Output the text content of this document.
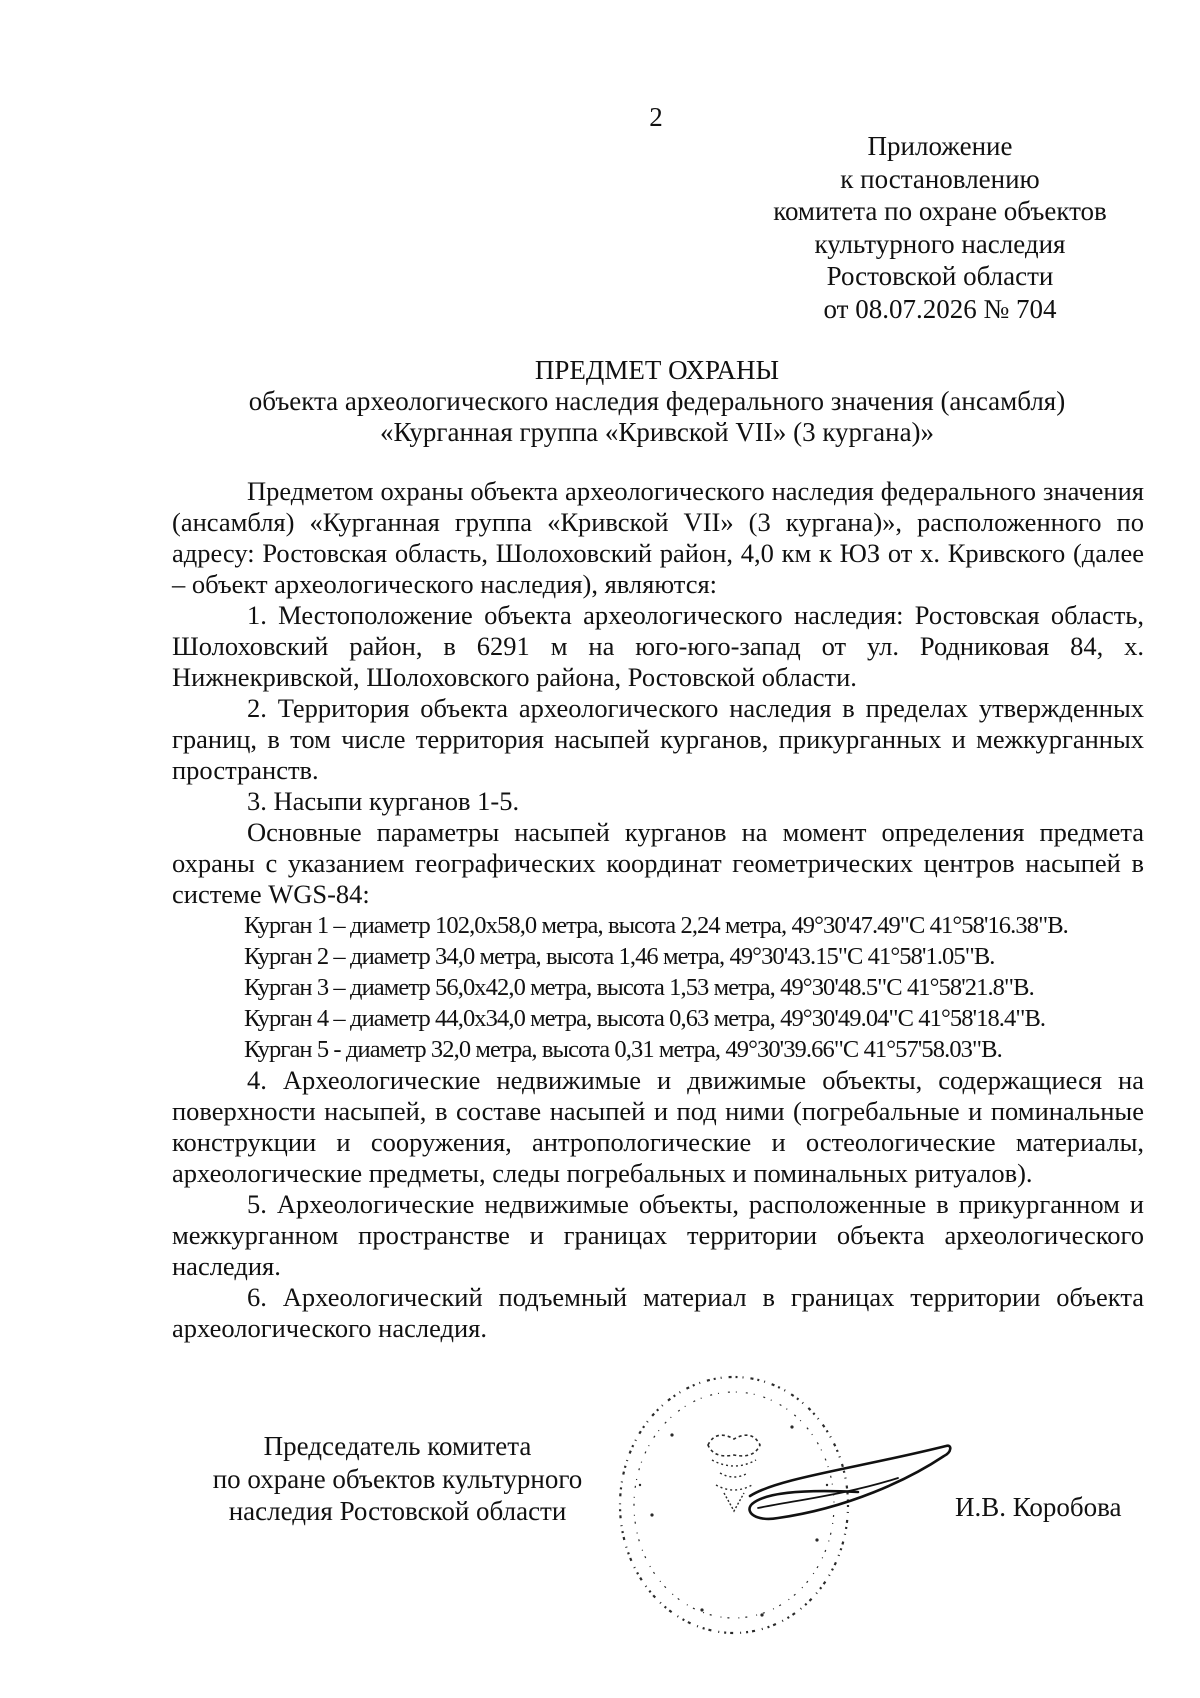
2
Приложение
к постановлению
комитета по охране объектов
культурного наследия
Ростовской области
от 08.07.2026 № 704
ПРЕДМЕТ ОХРАНЫ
объекта археологического наследия федерального значения (ансамбля)
«Курганная группа «Кривской VII» (3 кургана)»

Предметом охраны объекта археологического наследия федерального значения (ансамбля) «Курганная группа «Кривской VII» (3 кургана)», расположенного по адресу: Ростовская область, Шолоховский район, 4,0 км к ЮЗ от х. Кривского (далее – объект археологического наследия), являются:

1. Местоположение объекта археологического наследия: Ростовская область, Шолоховский район, в 6291 м на юго-юго-запад от ул. Родниковая 84, х. Нижнекривской, Шолоховского района, Ростовской области.

2. Территория объекта археологического наследия в пределах утвержденных границ, в том числе территория насыпей курганов, прикурганных и межкурганных пространств.

3. Насыпи курганов 1-5.

Основные параметры насыпей курганов на момент определения предмета охраны с указанием географических координат геометрических центров насыпей в системе WGS-84:

Курган 1 – диаметр 102,0х58,0 метра, высота 2,24 метра, 49°30'47.49"С 41°58'16.38"В.
Курган 2 – диаметр 34,0 метра, высота 1,46 метра, 49°30'43.15"С 41°58'1.05"В.
Курган 3 – диаметр 56,0х42,0 метра, высота 1,53 метра, 49°30'48.5"С 41°58'21.8"В.
Курган 4 – диаметр 44,0х34,0 метра, высота 0,63 метра, 49°30'49.04"С 41°58'18.4"В.
Курган 5 - диаметр 32,0 метра, высота 0,31 метра, 49°30'39.66"С 41°57'58.03"В.

4. Археологические недвижимые и движимые объекты, содержащиеся на поверхности насыпей, в составе насыпей и под ними (погребальные и поминальные конструкции и сооружения, антропологические и остеологические материалы, археологические предметы, следы погребальных и поминальных ритуалов).

5. Археологические недвижимые объекты, расположенные в прикурганном и межкурганном пространстве и границах территории объекта археологического наследия.

6. Археологический подъемный материал в границах территории объекта археологического наследия.

Председатель комитета
по охране объектов культурного
наследия Ростовской области	И.В. Коробова
